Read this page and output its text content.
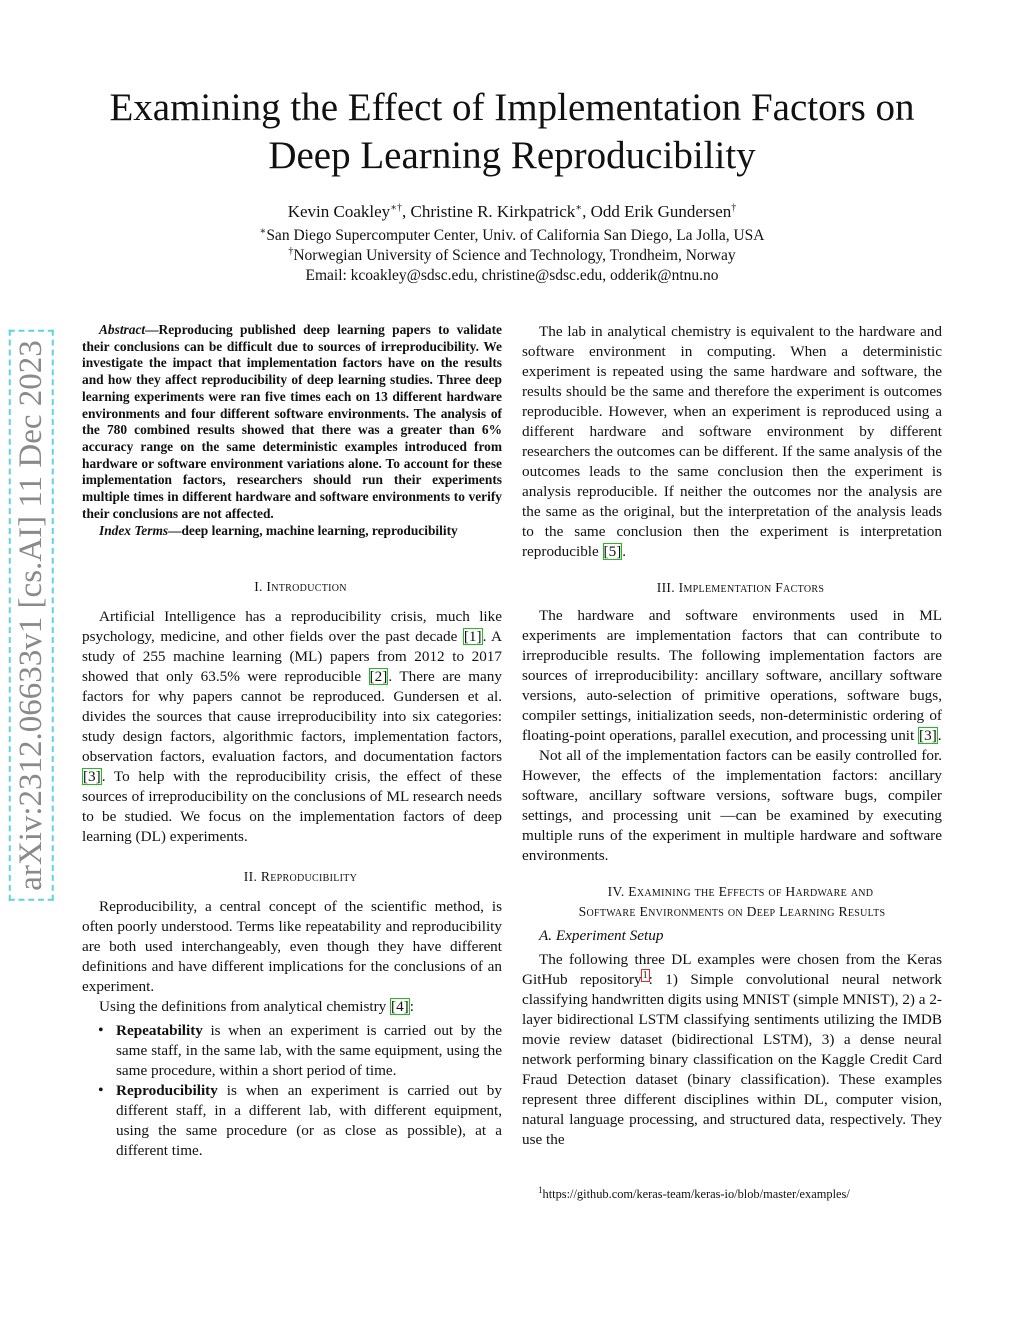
Examining the Effect of Implementation Factors on
Deep Learning Reproducibility
Kevin Coakley∗†, Christine R. Kirkpatrick∗, Odd Erik Gundersen†
∗San Diego Supercomputer Center, Univ. of California San Diego, La Jolla, USA
†Norwegian University of Science and Technology, Trondheim, Norway
Email: kcoakley@sdsc.edu, christine@sdsc.edu, odderik@ntnu.no
arXiv:2312.06633v1 [cs.AI] 11 Dec 2023

Abstract—Reproducing published deep learning papers to validate their conclusions can be difficult due to sources of irreproducibility. We investigate the impact that implementation factors have on the results and how they affect reproducibility of deep learning studies. Three deep learning experiments were ran five times each on 13 different hardware environments and four different software environments. The analysis of the 780 combined results showed that there was a greater than 6% accuracy range on the same deterministic examples introduced from hardware or software environment variations alone. To account for these implementation factors, researchers should run their experiments multiple times in different hardware and software environments to verify their conclusions are not affected.

Index Terms—deep learning, machine learning, reproducibility

I. Introduction

Artificial Intelligence has a reproducibility crisis, much like psychology, medicine, and other fields over the past decade [1]. A study of 255 machine learning (ML) papers from 2012 to 2017 showed that only 63.5% were reproducible [2]. There are many factors for why papers cannot be reproduced. Gundersen et al. divides the sources that cause irreproducibility into six categories: study design factors, algorithmic factors, implementation factors, observation factors, evaluation factors, and documentation factors [3]. To help with the reproducibility crisis, the effect of these sources of irreproducibility on the conclusions of ML research needs to be studied. We focus on the implementation factors of deep learning (DL) experiments.

II. Reproducibility

Reproducibility, a central concept of the scientific method, is often poorly understood. Terms like repeatability and reproducibility are both used interchangeably, even though they have different definitions and have different implications for the conclusions of an experiment.

Using the definitions from analytical chemistry [4]:

• Repeatability is when an experiment is carried out by the same staff, in the same lab, with the same equipment, using the same procedure, within a short period of time.
• Reproducibility is when an experiment is carried out by different staff, in a different lab, with different equipment, using the same procedure (or as close as possible), at a different time.

The lab in analytical chemistry is equivalent to the hardware and software environment in computing. When a deterministic experiment is repeated using the same hardware and software, the results should be the same and therefore the experiment is outcomes reproducible. However, when an experiment is reproduced using a different hardware and software environment by different researchers the outcomes can be different. If the same analysis of the outcomes leads to the same conclusion then the experiment is analysis reproducible. If neither the outcomes nor the analysis are the same as the original, but the interpretation of the analysis leads to the same conclusion then the experiment is interpretation reproducible [5].

III. Implementation Factors

The hardware and software environments used in ML experiments are implementation factors that can contribute to irreproducible results. The following implementation factors are sources of irreproducibility: ancillary software, ancillary software versions, auto-selection of primitive operations, software bugs, compiler settings, initialization seeds, non-deterministic ordering of floating-point operations, parallel execution, and processing unit [3].

Not all of the implementation factors can be easily controlled for. However, the effects of the implementation factors: ancillary software, ancillary software versions, software bugs, compiler settings, and processing unit —can be examined by executing multiple runs of the experiment in multiple hardware and software environments.

IV. Examining the Effects of Hardware and
Software Environments on Deep Learning Results

A. Experiment Setup

The following three DL examples were chosen from the Keras GitHub repository$^1$: 1) Simple convolutional neural network classifying handwritten digits using MNIST (simple MNIST), 2) a 2-layer bidirectional LSTM classifying sentiments utilizing the IMDB movie review dataset (bidirectional LSTM), 3) a dense neural network performing binary classification on the Kaggle Credit Card Fraud Detection dataset (binary classification). These examples represent three different disciplines within DL, computer vision, natural language processing, and structured data, respectively. They use the

$^1$https://github.com/keras-team/keras-io/blob/master/examples/
